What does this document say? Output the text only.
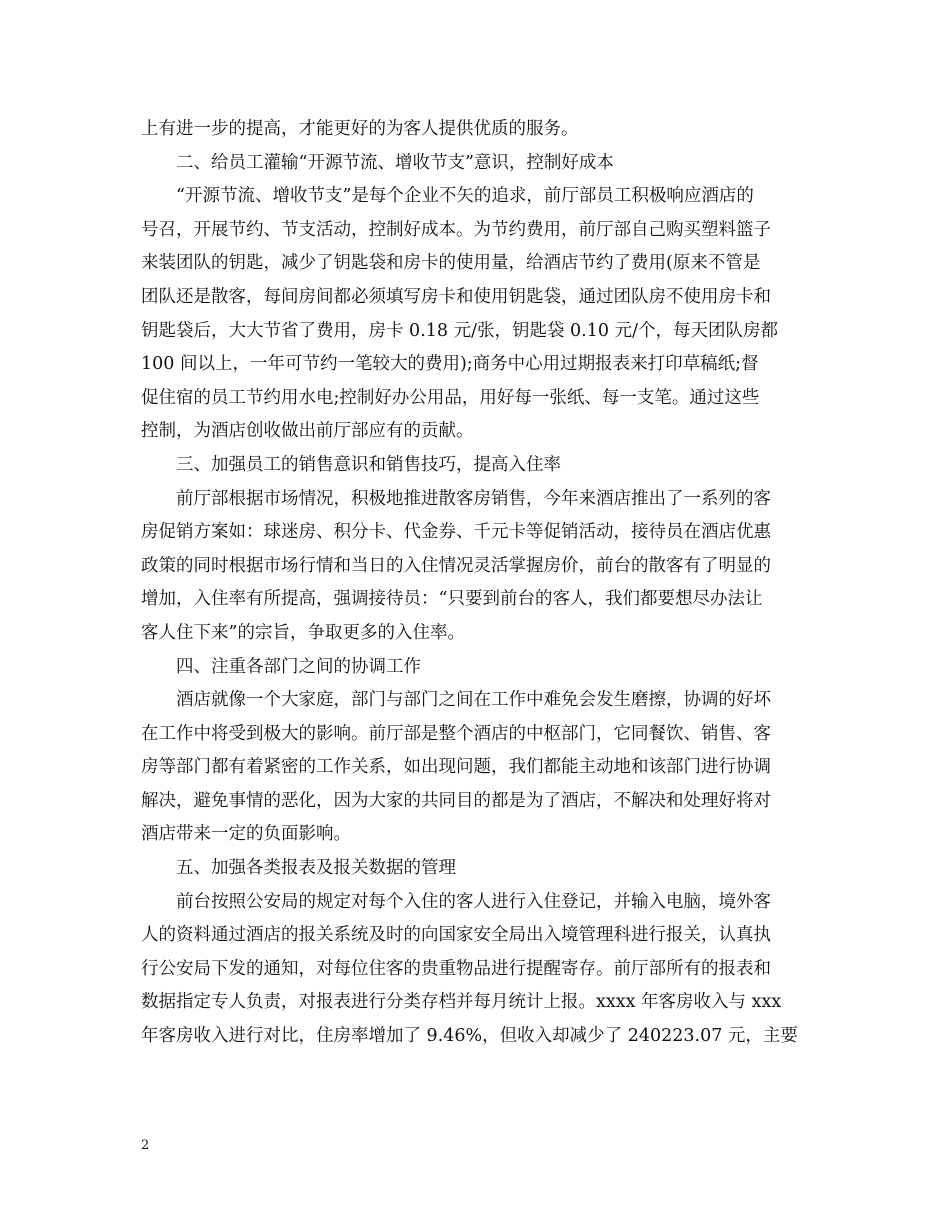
上有进一步的提高，才能更好的为客人提供优质的服务。
二、给员工灌输“开源节流、增收节支”意识，控制好成本
“开源节流、增收节支”是每个企业不矢的追求，前厅部员工积极响应酒店的
号召，开展节约、节支活动，控制好成本。为节约费用，前厅部自己购买塑料篮子
来装团队的钥匙，减少了钥匙袋和房卡的使用量，给酒店节约了费用(原来不管是
团队还是散客，每间房间都必须填写房卡和使用钥匙袋，通过团队房不使用房卡和
钥匙袋后，大大节省了费用，房卡 0.18 元/张，钥匙袋 0.10 元/个，每天团队房都
100 间以上，一年可节约一笔较大的费用);商务中心用过期报表来打印草稿纸;督
促住宿的员工节约用水电;控制好办公用品，用好每一张纸、每一支笔。通过这些
控制，为酒店创收做出前厅部应有的贡献。
三、加强员工的销售意识和销售技巧，提高入住率
前厅部根据市场情况，积极地推进散客房销售，今年来酒店推出了一系列的客
房促销方案如：球迷房、积分卡、代金券、千元卡等促销活动，接待员在酒店优惠
政策的同时根据市场行情和当日的入住情况灵活掌握房价，前台的散客有了明显的
增加，入住率有所提高，强调接待员：“只要到前台的客人，我们都要想尽办法让
客人住下来”的宗旨，争取更多的入住率。
四、注重各部门之间的协调工作
酒店就像一个大家庭，部门与部门之间在工作中难免会发生磨擦，协调的好坏
在工作中将受到极大的影响。前厅部是整个酒店的中枢部门，它同餐饮、销售、客
房等部门都有着紧密的工作关系，如出现问题，我们都能主动地和该部门进行协调
解决，避免事情的恶化，因为大家的共同目的都是为了酒店，不解决和处理好将对
酒店带来一定的负面影响。
五、加强各类报表及报关数据的管理
前台按照公安局的规定对每个入住的客人进行入住登记，并输入电脑，境外客
人的资料通过酒店的报关系统及时的向国家安全局出入境管理科进行报关，认真执
行公安局下发的通知，对每位住客的贵重物品进行提醒寄存。前厅部所有的报表和
数据指定专人负责，对报表进行分类存档并每月统计上报。xxxx 年客房收入与 xxx
年客房收入进行对比，住房率增加了 9.46%，但收入却减少了 240223.07 元，主要
2
